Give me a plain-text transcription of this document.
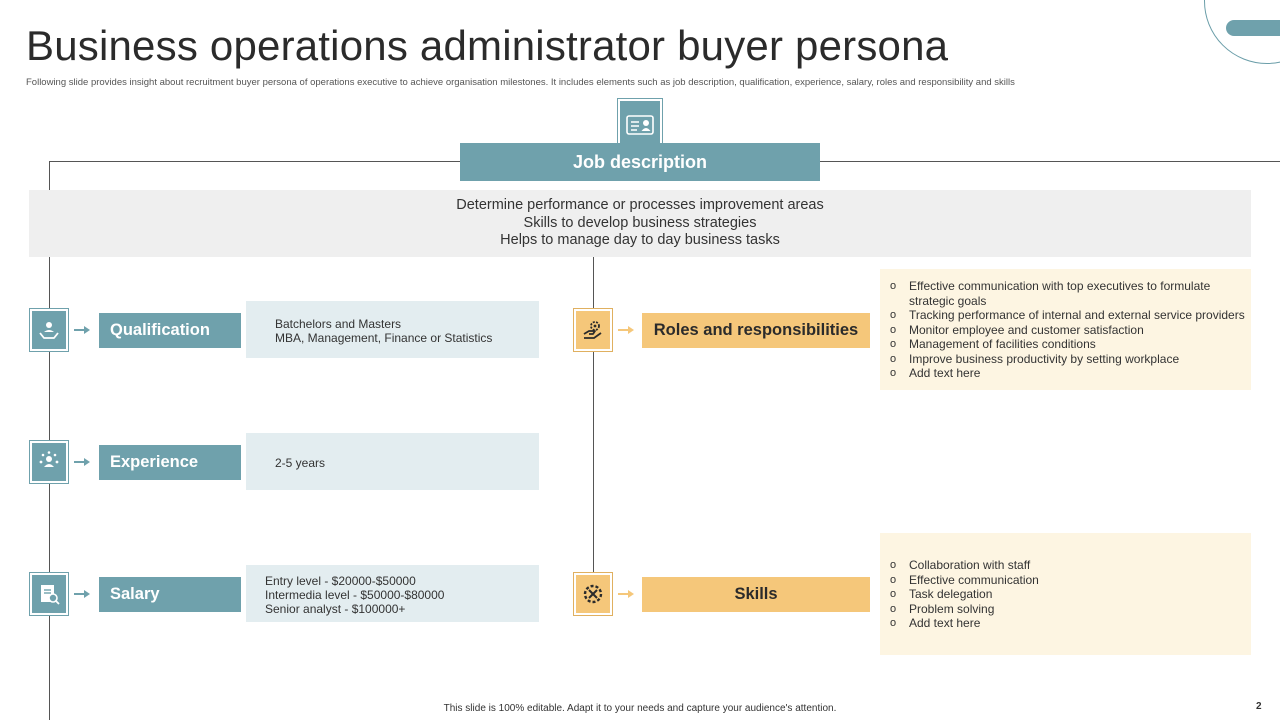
Business operations administrator buyer persona
Following slide provides insight about recruitment buyer persona of operations executive to achieve organisation milestones. It includes elements such as job description, qualification, experience, salary, roles and responsibility and skills
Job description
Determine performance or processes improvement areas
Skills to develop business strategies
Helps to manage day to day business tasks
Qualification	Batchelors and Masters
MBA, Management, Finance or Statistics
Experience	2-5 years
Salary
Entry level - $20000-$50000
Intermedia level - $50000-$80000
Senior analyst - $100000+
Roles and responsibilities
o Effective communication with top executives to formulate strategic goals
o Tracking performance of internal and external service providers
o Monitor employee and customer satisfaction
o Management of facilities conditions
o Improve business productivity by setting workplace
o Add text here
Skills
o Collaboration with staff
o Effective communication
o Task delegation
o Problem solving
o Add text here
This slide is 100% editable. Adapt it to your needs and capture your audience's attention.	2
